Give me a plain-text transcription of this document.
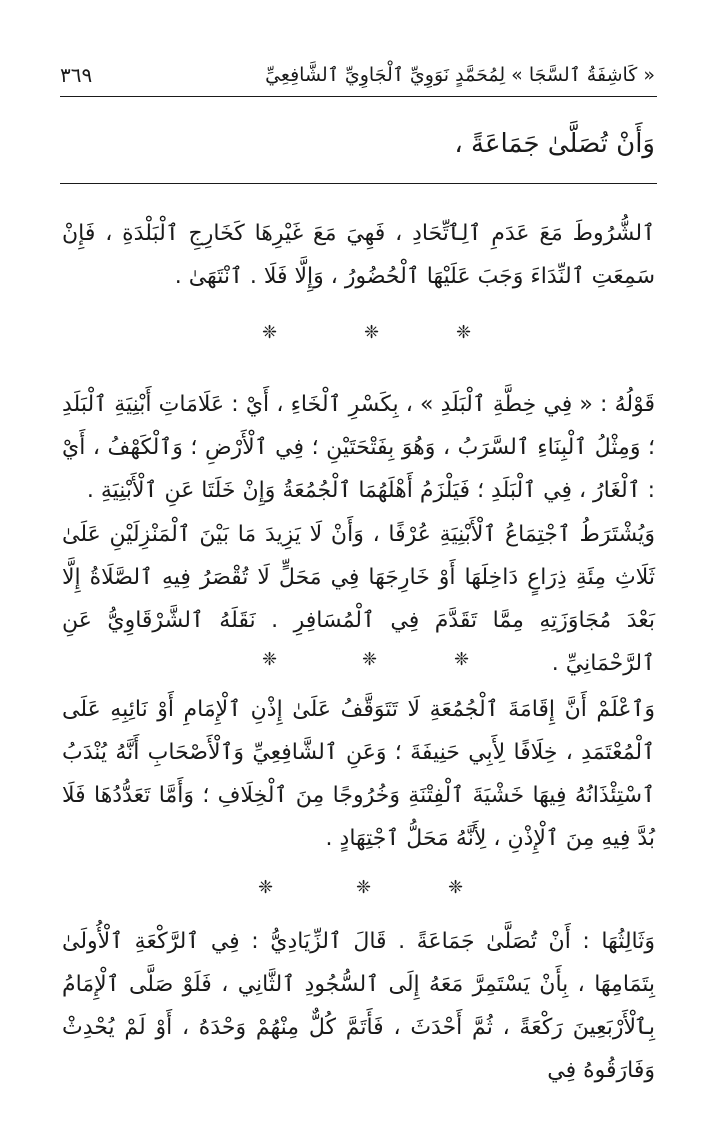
« كَاشِفَةُ ٱلسَّجَا » لِمُحَمَّدٍ نَوَوِيِّ ٱلْجَاوِيِّ ٱلشَّافِعِيِّ
٣٦٩
وَأَنْ تُصَلَّىٰ جَمَاعَةً ،
ٱلشُّرُوطَ مَعَ عَدَمِ ٱلِٱتِّحَادِ ، فَهِيَ مَعَ غَيْرِهَا كَخَارِجِ ٱلْبَلْدَةِ ، فَإِنْ سَمِعَتِ ٱلنِّدَاءَ وَجَبَ عَلَيْهَا ٱلْحُضُورُ ، وَإِلَّا فَلَا . ٱنْتَهَىٰ .
❈	❈	❈
قَوْلُهُ : « فِي خِطَّةِ ٱلْبَلَدِ » ، بِكَسْرِ ٱلْخَاءِ ، أَيْ : عَلَامَاتِ أَبْنِيَةِ ٱلْبَلَدِ ؛ وَمِثْلُ ٱلْبِنَاءِ ٱلسَّرَبُ ، وَهُوَ بِفَتْحَتَيْنِ ؛ فِي ٱلْأَرْضِ ؛ وَٱلْكَهْفُ ، أَيْ : ٱلْغَارُ ، فِي ٱلْبَلَدِ ؛ فَيَلْزَمُ أَهْلَهُمَا ٱلْجُمُعَةُ وَإِنْ خَلَتَا عَنِ ٱلْأَبْنِيَةِ .
وَيُشْتَرَطُ ٱجْتِمَاعُ ٱلْأَبْنِيَةِ عُرْفًا ، وَأَنْ لَا يَزِيدَ مَا بَيْنَ ٱلْمَنْزِلَيْنِ عَلَىٰ ثَلَاثِ مِئَةِ ذِرَاعٍ دَاخِلَهَا أَوْ خَارِجَهَا فِي مَحَلٍّ لَا تُقْصَرُ فِيهِ ٱلصَّلَاةُ إِلَّا بَعْدَ مُجَاوَزَتِهِ مِمَّا تَقَدَّمَ فِي ٱلْمُسَافِرِ . نَقَلَهُ ٱلشَّرْقَاوِيُّ عَنِ ٱلرَّحْمَانِيِّ .
❈	❈	❈
وَٱعْلَمْ أَنَّ إِقَامَةَ ٱلْجُمُعَةِ لَا تَتَوَقَّفُ عَلَىٰ إِذْنِ ٱلْإِمَامِ أَوْ نَائِبِهِ عَلَى ٱلْمُعْتَمَدِ ، خِلَافًا لِأَبِي حَنِيفَةَ ؛ وَعَنِ ٱلشَّافِعِيِّ وَٱلْأَصْحَابِ أَنَّهُ يُنْدَبُ ٱسْتِئْذَانُهُ فِيهَا خَشْيَةَ ٱلْفِتْنَةِ وَخُرُوجًا مِنَ ٱلْخِلَافِ ؛ وَأَمَّا تَعَدُّدُهَا فَلَا بُدَّ فِيهِ مِنَ ٱلْإِذْنِ ، لِأَنَّهُ مَحَلُّ ٱجْتِهَادٍ .
❈	❈	❈
وَثَالِثُهَا : أَنْ تُصَلَّىٰ جَمَاعَةً . قَالَ ٱلزِّيَادِيُّ : فِي ٱلرَّكْعَةِ ٱلْأُولَىٰ بِتَمَامِهَا ، بِأَنْ يَسْتَمِرَّ مَعَهُ إِلَى ٱلسُّجُودِ ٱلثَّانِي ، فَلَوْ صَلَّى ٱلْإِمَامُ بِٱلْأَرْبَعِينَ رَكْعَةً ، ثُمَّ أَحْدَثَ ، فَأَتَمَّ كُلٌّ مِنْهُمْ وَحْدَهُ ، أَوْ لَمْ يُحْدِثْ وَفَارَقُوهُ فِي
